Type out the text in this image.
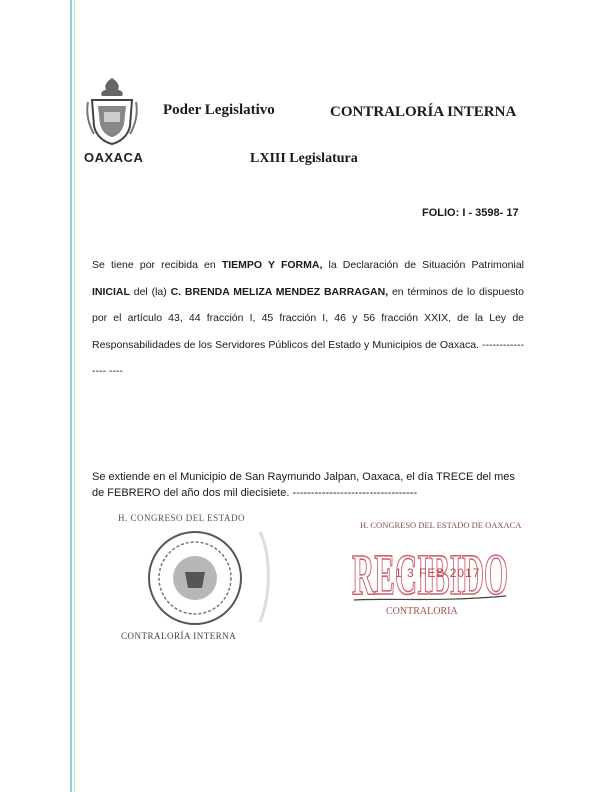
OAXACA
Poder Legislativo	CONTRALORÍA INTERNA
LXIII Legislatura
FOLIO: I - 3598- 17
Se tiene por recibida en TIEMPO Y FORMA, la Declaración de Situación Patrimonial INICIAL del (la) C. BRENDA MELIZA MENDEZ BARRAGAN, en términos de lo dispuesto por el artículo 43, 44 fracción I, 45 fracción I, 46 y 56 fracción XXIX, de la Ley de Responsabilidades de los Servidores Públicos del Estado y Municipios de Oaxaca. ---------------- ----
Se extiende en el Municipio de San Raymundo Jalpan, Oaxaca, el día TRECE del mes de FEBRERO del año dos mil diecisiete. ----------------------------------
H. CONGRESO DEL ESTADO
CONTRALORÍA INTERNA
H. CONGRESO DEL ESTADO DE OAXACA
RECIBIDO
1 3 FEB 2017
CONTRALORIA
